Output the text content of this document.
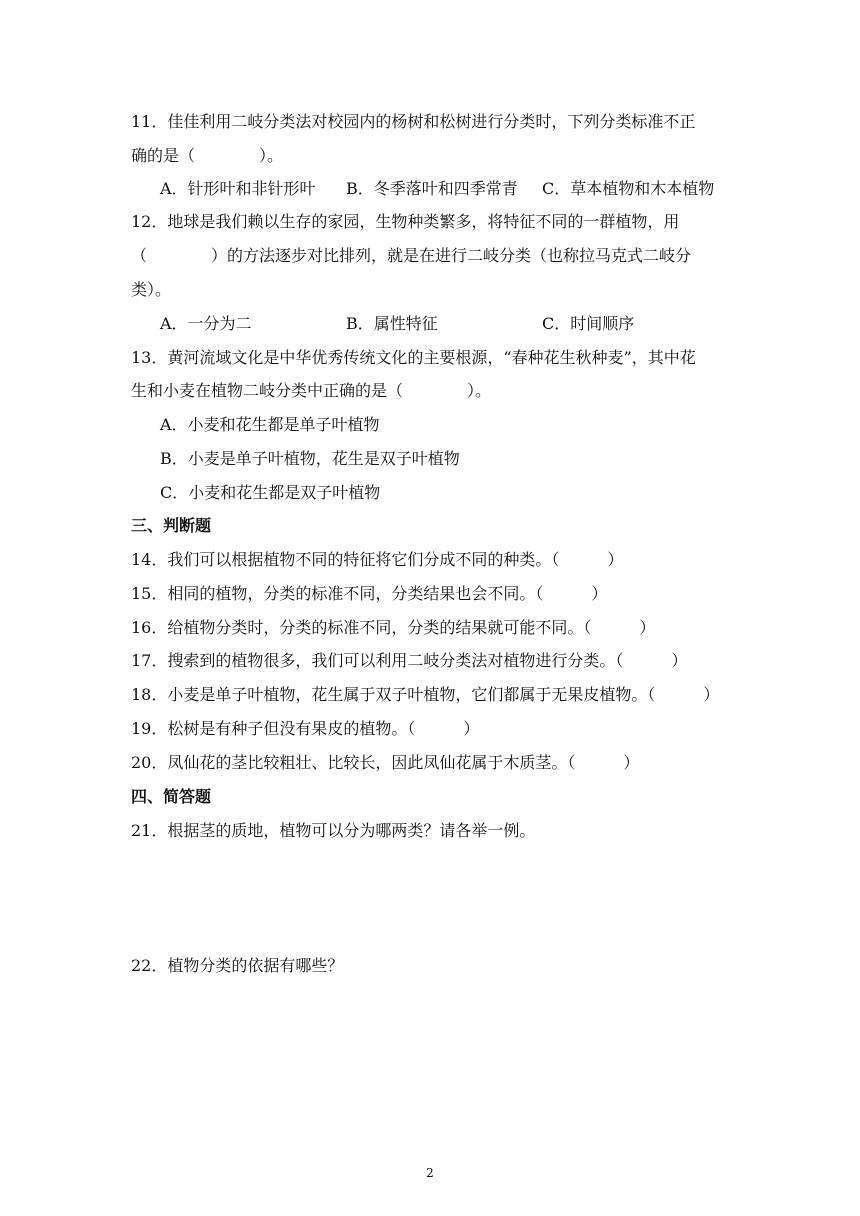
11．佳佳利用二岐分类法对校园内的杨树和松树进行分类时，下列分类标准不正
确的是（　　　　）。
A．针形叶和非针形叶 B．冬季落叶和四季常青 C．草本植物和木本植物
12．地球是我们赖以生存的家园，生物种类繁多，将特征不同的一群植物，用
（　　　　）的方法逐步对比排列，就是在进行二岐分类（也称拉马克式二岐分
类）。
A．一分为二	B．属性特征	C．时间顺序
13．黄河流域文化是中华优秀传统文化的主要根源，“春种花生秋种麦”，其中花
生和小麦在植物二岐分类中正确的是（　　　　）。
A．小麦和花生都是单子叶植物
B．小麦是单子叶植物，花生是双子叶植物
C．小麦和花生都是双子叶植物
三、判断题
14．我们可以根据植物不同的特征将它们分成不同的种类。（　　　）
15．相同的植物，分类的标准不同，分类结果也会不同。（　　　）
16．给植物分类时，分类的标准不同，分类的结果就可能不同。（　　　）
17．搜索到的植物很多，我们可以利用二岐分类法对植物进行分类。（　　　）
18．小麦是单子叶植物，花生属于双子叶植物，它们都属于无果皮植物。（　　　）
19．松树是有种子但没有果皮的植物。（　　　）
20．凤仙花的茎比较粗壮、比较长，因此凤仙花属于木质茎。（　　　）
四、简答题
21．根据茎的质地，植物可以分为哪两类？请各举一例。
22．植物分类的依据有哪些？
2
